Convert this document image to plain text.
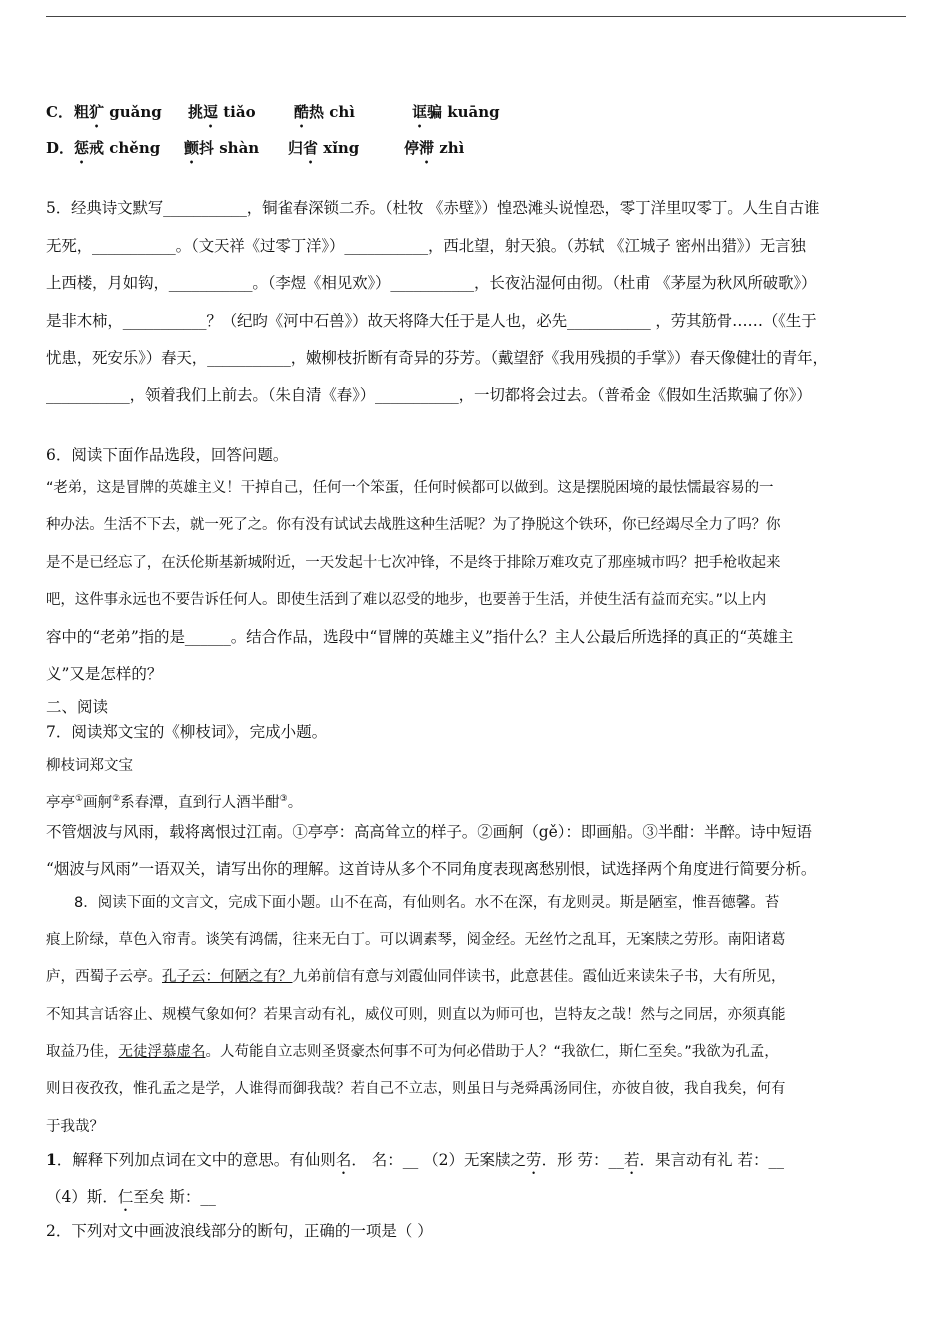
C． 粗犷 guǎng 挑逗 tiǎo	酷热 chì	诓骗 kuāng
D． 惩戒 chěng 颤抖 shàn 归省 xǐng	停滞 zhì
5．经典诗文默写___________，铜雀春深锁二乔。（杜牧 《赤壁》）惶恐滩头说惶恐，零丁洋里叹零丁。人生自古谁
无死，___________。（文天祥《过零丁洋》）___________，西北望，射天狼。（苏轼 《江城子 密州出猎》）无言独
上西楼，月如钩，___________。（李煜《相见欢》）___________，长夜沾湿何由彻。（杜甫 《茅屋为秋风所破歌》）
是非木柿，___________？（纪昀《河中石兽》）故天将降大任于是人也，必先___________ ，劳其筋骨……（《生于
忧患，死安乐》）春天，___________，嫩柳枝折断有奇异的芬芳。（戴望舒《我用残损的手掌》）春天像健壮的青年，
___________，领着我们上前去。（朱自清《春》）___________，一切都将会过去。（普希金《假如生活欺骗了你》）
6．阅读下面作品选段，回答问题。
“老弟，这是冒牌的英雄主义！干掉自己，任何一个笨蛋，任何时候都可以做到。这是摆脱困境的最怯懦最容易的一
种办法。生活不下去，就一死了之。你有没有试试去战胜这种生活呢？为了挣脱这个铁环，你已经竭尽全力了吗？你
是不是已经忘了，在沃伦斯基新城附近，一天发起十七次冲锋，不是终于排除万难攻克了那座城市吗？把手枪收起来
吧，这件事永远也不要告诉任何人。即使生活到了难以忍受的地步，也要善于生活，并使生活有益而充实。”以上内
容中的“老弟”指的是______。结合作品，选段中“冒牌的英雄主义”指什么？主人公最后所选择的真正的“英雄主
义”又是怎样的？
二、阅读
7．阅读郑文宝的《柳枝词》，完成小题。
柳枝词郑文宝
亭亭①画舸②系春潭，直到行人酒半酣③。
不管烟波与风雨，载将离恨过江南。①亭亭：高高耸立的样子。②画舸（gě）：即画船。③半酣：半醉。诗中短语
“烟波与风雨”一语双关，请写出你的理解。这首诗从多个不同角度表现离愁别恨，试选择两个角度进行简要分析。
8．阅读下面的文言文，完成下面小题。山不在高，有仙则名。水不在深，有龙则灵。斯是陋室，惟吾德馨。苔
痕上阶绿，草色入帘青。谈笑有鸿儒，往来无白丁。可以调素琴，阅金经。无丝竹之乱耳，无案牍之劳形。南阳诸葛
庐，西蜀子云亭。孔子云：何陋之有？九弟前信有意与刘霞仙同伴读书，此意甚佳。霞仙近来读朱子书，大有所见，
不知其言话容止、规模气象如何？若果言动有礼，威仪可则，则直以为师可也，岂特友之哉！然与之同居，亦须真能
取益乃佳，无徒浮慕虚名。人苟能自立志则圣贤豪杰何事不可为何必借助于人？“我欲仁，斯仁至矣。”我欲为孔孟，
则日夜孜孜，惟孔孟之是学，人谁得而御我哉？若自己不立志，则虽日与尧舜禹汤同住，亦彼自彼，我自我矣，何有
于我哉？
1．解释下列加点词在文中的意思。有仙则名． 名：__ （2）无案牍之劳．形 劳：__若．果言动有礼 若：__
（4）斯．仁至矣 斯：__
2．下列对文中画波浪线部分的断句，正确的一项是（ ）
